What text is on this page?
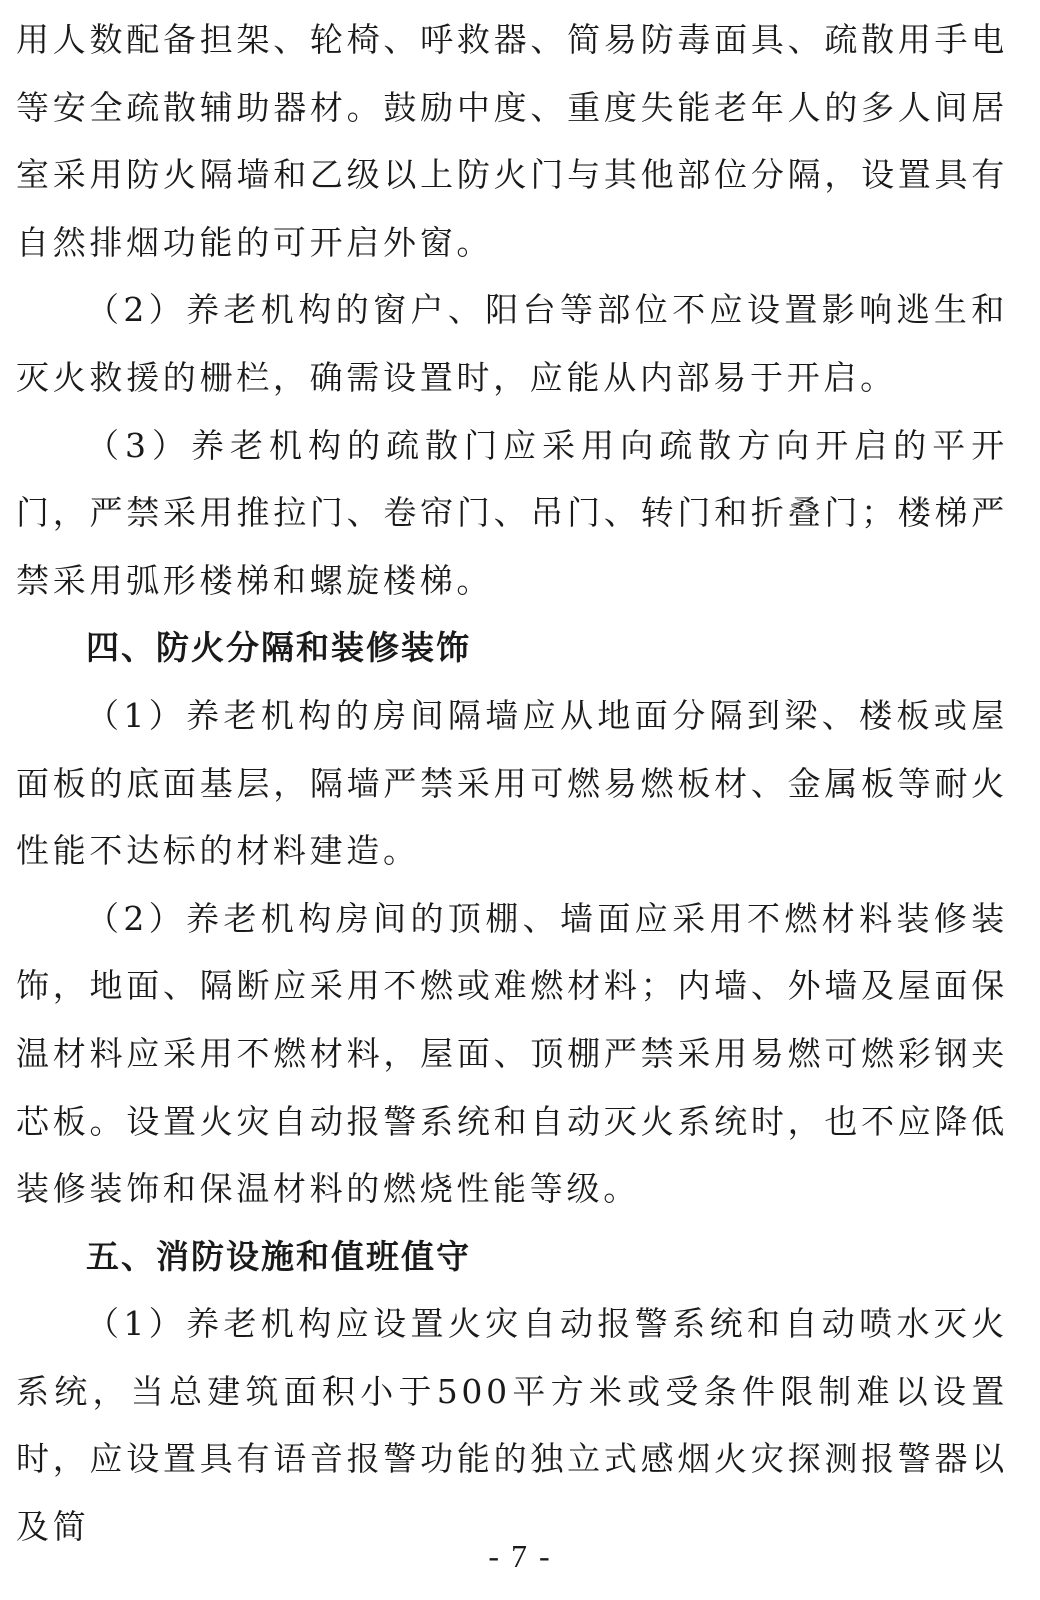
用人数配备担架、轮椅、呼救器、简易防毒面具、疏散用手电等安全疏散辅助器材。鼓励中度、重度失能老年人的多人间居室采用防火隔墙和乙级以上防火门与其他部位分隔，设置具有自然排烟功能的可开启外窗。

（2）养老机构的窗户、阳台等部位不应设置影响逃生和灭火救援的栅栏，确需设置时，应能从内部易于开启。

（3）养老机构的疏散门应采用向疏散方向开启的平开门，严禁采用推拉门、卷帘门、吊门、转门和折叠门；楼梯严禁采用弧形楼梯和螺旋楼梯。

四、防火分隔和装修装饰

（1）养老机构的房间隔墙应从地面分隔到梁、楼板或屋面板的底面基层，隔墙严禁采用可燃易燃板材、金属板等耐火性能不达标的材料建造。

（2）养老机构房间的顶棚、墙面应采用不燃材料装修装饰，地面、隔断应采用不燃或难燃材料；内墙、外墙及屋面保温材料应采用不燃材料，屋面、顶棚严禁采用易燃可燃彩钢夹芯板。设置火灾自动报警系统和自动灭火系统时，也不应降低装修装饰和保温材料的燃烧性能等级。

五、消防设施和值班值守

（1）养老机构应设置火灾自动报警系统和自动喷水灭火系统，当总建筑面积小于500平方米或受条件限制难以设置时，应设置具有语音报警功能的独立式感烟火灾探测报警器以及简

- 7 -
